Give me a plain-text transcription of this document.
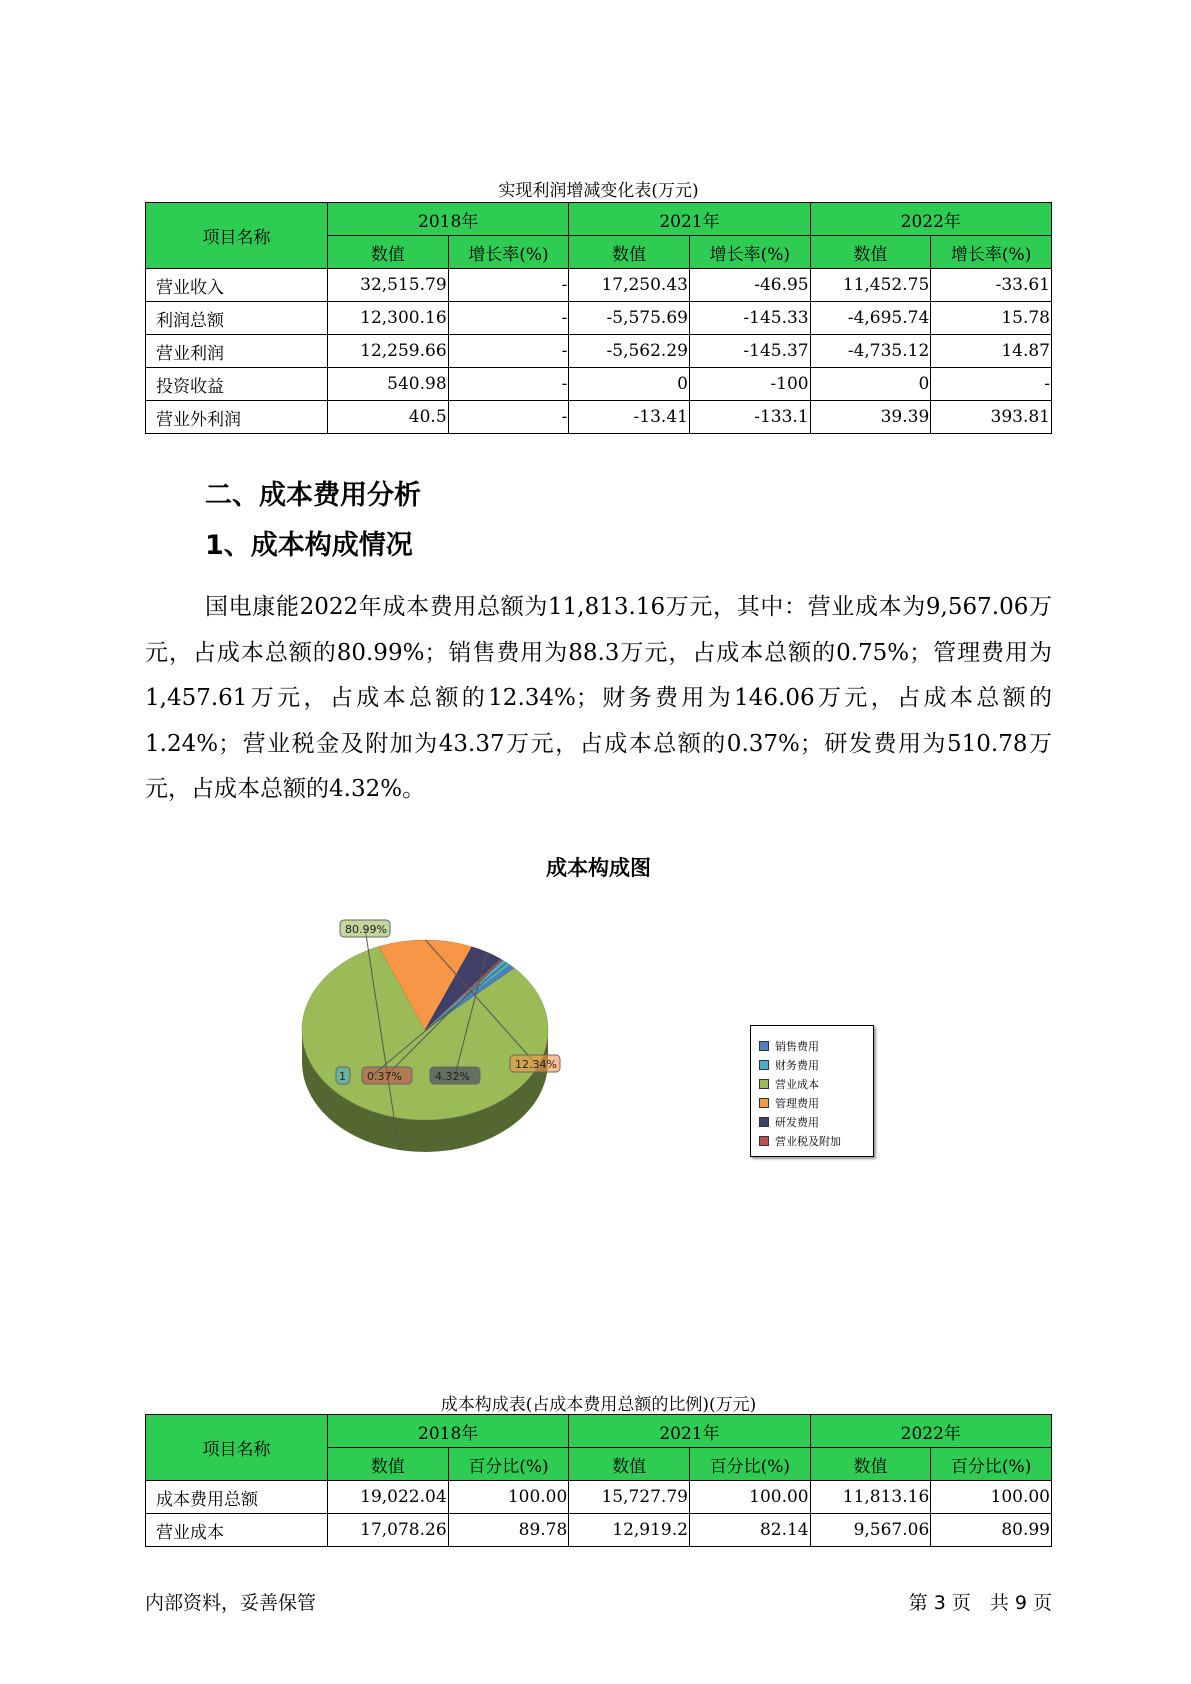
实现利润增减变化表(万元)
项目名称	2018年		2021年		2022年	
	数值	增长率(%)	数值	增长率(%)	数值	增长率(%)
营业收入	32,515.79	-	17,250.43	-46.95	11,452.75	-33.61
利润总额	12,300.16	-	-5,575.69	-145.33	-4,695.74	15.78
营业利润	12,259.66	-	-5,562.29	-145.37	-4,735.12	14.87
投资收益	540.98	-	0	-100	0	-
营业外利润	40.5	-	-13.41	-133.1	39.39	393.81
二、成本费用分析
1、成本构成情况

国电康能2022年成本费用总额为11,813.16万元，其中：营业成本为9,567.06万元，占成本总额的80.99%；销售费用为88.3万元，占成本总额的0.75%；管理费用为1,457.61万元，占成本总额的12.34%；财务费用为146.06万元，占成本总额的1.24%；营业税金及附加为43.37万元，占成本总额的0.37%；研发费用为510.78万元，占成本总额的4.32%。

成本构成图
80.99%
12.34%
4.32%
0.37%
1
销售费用
财务费用
营业成本
管理费用
研发费用
营业税及附加
成本构成表(占成本费用总额的比例)(万元)
项目名称	2018年		2021年		2022年	
	数值	百分比(%)	数值	百分比(%)	数值	百分比(%)
成本费用总额	19,022.04	100.00	15,727.79	100.00	11,813.16	100.00
营业成本	17,078.26	89.78	12,919.2	82.14	9,567.06	80.99
内部资料，妥善保管	第 3 页　共 9 页
